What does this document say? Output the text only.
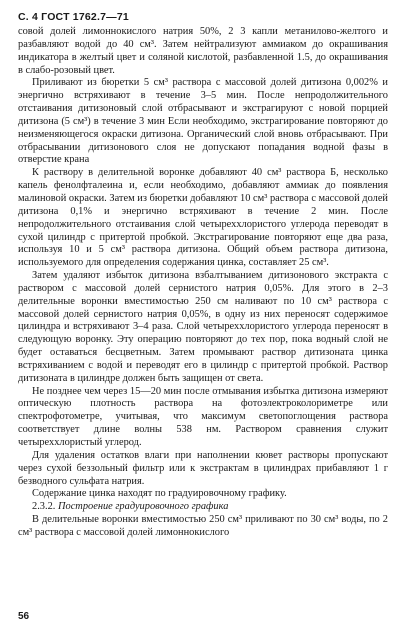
С. 4 ГОСТ 1762.7—71

совой долей лимоннокислого натрия 50%, 2 3 капли метанилово-желтого и разбавляют водой до 40 см³. Затем нейтрализуют аммиаком до окрашивания индикатора в желтый цвет и соляной кислотой, разбавленной 1.5, до окрашивания в слабо-розовый цвет.

Приливают из бюретки 5 см³ раствора с массовой долей дитизона 0,002% и энергично встряхивают в течение 3–5 мин. После непродолжительного отстаивания дитизоновый слой отбрасывают и экстрагируют с новой порцией дитизона (5 см³) в течение 3 мин Если необходимо, экстрагирование повторяют до неизменяющегося окраски дитизона. Органический слой вновь отбрасывают. При отбрасывании дитизонового слоя не допускают попадания водной фазы в отверстие крана

К раствору в делительной воронке добавляют 40 см³ раствора Б, несколько капель фенолфталеина и, если необходимо, добавляют аммиак до появления малиновой окраски. Затем из бюретки добавляют 10 см³ раствора с массовой долей дитизона 0,1% и энергично встряхивают в течение 2 мин. После непродолжительного отстаивания слой четыреххлористого углерода переводят в сухой цилиндр с притертой пробкой. Экстрагирование повторяют еще два раза, используя 10 и 5 см³ раствора дитизона. Общий объем раствора дитизона, используемого для определения содержания цинка, составляет 25 см³.

Затем удаляют избыток дитизона взбалтыванием дитизонового экстракта с раствором с массовой долей сернистого натрия 0,05%. Для этого в 2–3 делительные воронки вместимостью 250 см наливают по 10 см³ раствора с массовой долей сернистого натрия 0,05%, в одну из них переносят содержимое цилиндра и встряхивают 3–4 раза. Слой четыреххлористого углерода переносят в следующую воронку. Эту операцию повторяют до тех пор, пока водный слой не будет оставаться бесцветным. Затем промывают раствор дитизоната цинка встряхиванием с водой и переводят его в цилиндр с притертой пробкой. Раствор дитизоната в цилиндре должен быть защищен от света.

Не позднее чем через 15—20 мин после отмывания избытка дитизона измеряют оптическую плотность раствора на фотоэлектроколориметре или спектрофотометре, учитывая, что максимум светопоглощения раствора соответствует длине волны 538 нм. Раствором сравнения служит четыреххлористый углерод.

Для удаления остатков влаги при наполнении кювет растворы пропускают через сухой беззольный фильтр или к экстрактам в цилиндрах прибавляют 1 г безводного сульфата натрия.

Содержание цинка находят по градуировочному графику.

2.3.2. Построение градуировочного графика

В делительные воронки вместимостью 250 см³ приливают по 30 см³ воды, по 2 см³ раствора с массовой долей лимоннокислого

56
